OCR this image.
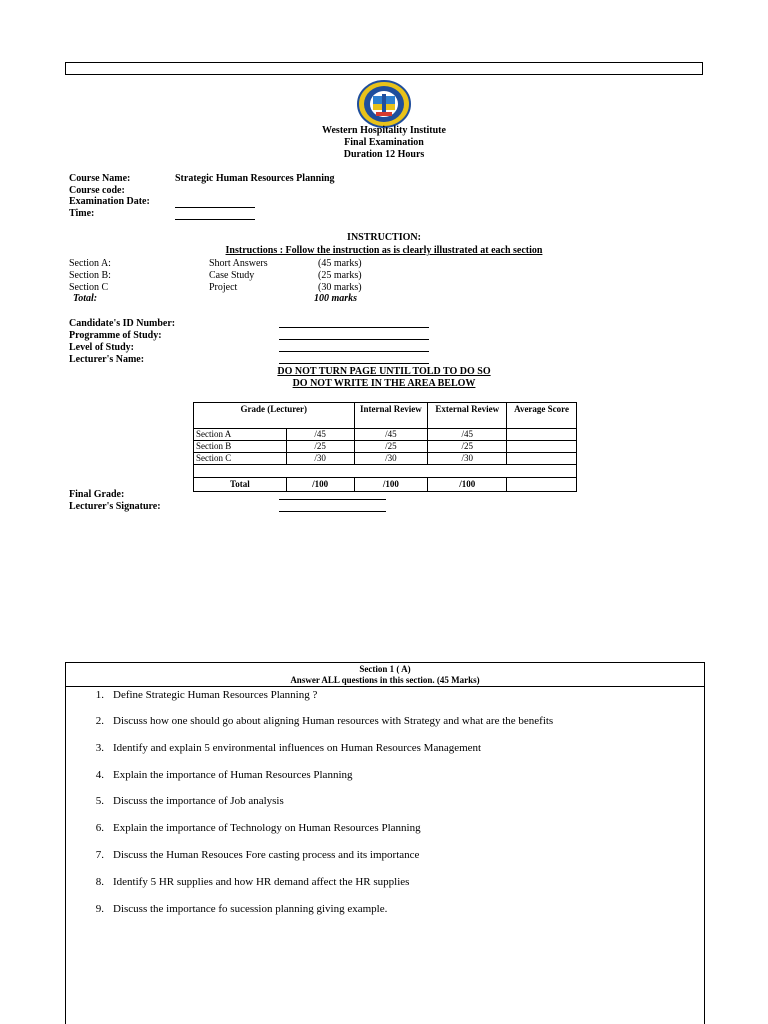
Western Hospitality Institute
Final Examination
Duration 12 Hours
Course Name:	Strategic Human Resources Planning
Course code:
Examination Date:
Time:
INSTRUCTION:
Instructions : Follow the instruction as is clearly illustrated at each section
Section A:	Short Answers	(45 marks)
Section B:	Case Study	(25 marks)
Section C	Project	(30 marks)
Total:	100 marks
Candidate's ID Number:
Programme of Study:
Level of Study:
Lecturer's Name:
DO NOT TURN PAGE UNTIL TOLD TO DO SO
DO NOT WRITE IN THE AREA BELOW
Grade (Lecturer)		Internal Review	External Review	Average Score
Section A	/45	/45	/45	
Section B	/25	/25	/25	
Section C	/30	/30	/30	

Total	/100	/100	/100	
Final Grade:
Lecturer's Signature:
Section 1 ( A)
Answer ALL questions in this section. (45 Marks)
1. Define Strategic Human Resources Planning ?
2. Discuss how one should go about aligning Human resources with Strategy and what are the benefits
3. Identify and explain 5 environmental influences on Human Resources Management
4. Explain the importance of Human Resources Planning
5. Discuss the importance of Job analysis
6. Explain the importance of Technology on Human Resources Planning
7. Discuss the Human Resouces Fore casting process and its importance
8. Identify 5 HR supplies and how HR demand affect the HR supplies
9. Discuss the importance fo sucession planning giving example.
